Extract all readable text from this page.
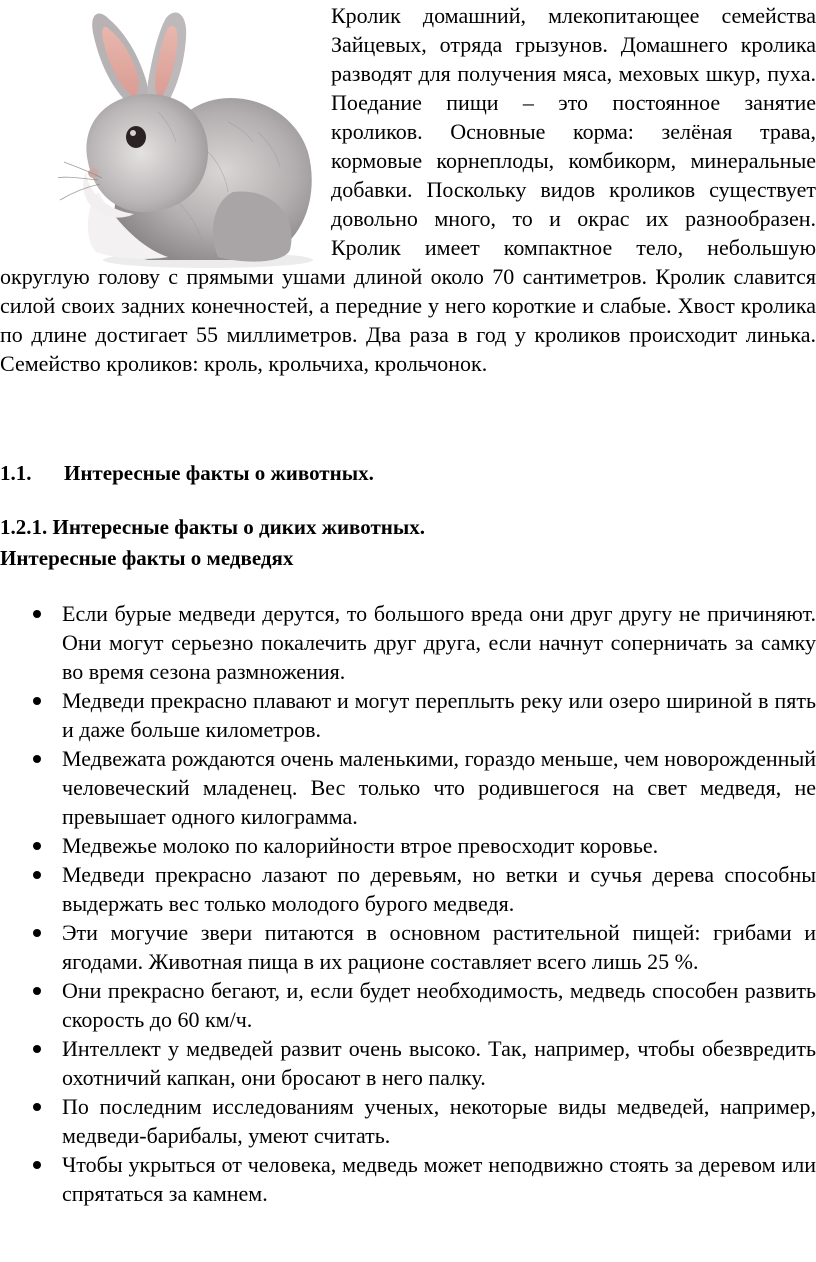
Кролик домашний, млекопитающее семейства Зайцевых, отряда грызунов. Домашнего кролика разводят для получения мяса, меховых шкур, пуха. Поедание пищи – это постоянное занятие кроликов. Основные корма: зелёная трава, кормовые корнеплоды, комбикорм, минеральные добавки. Поскольку видов кроликов существует довольно много, то и окрас их разнообразен. Кролик имеет компактное тело, небольшую округлую голову с прямыми ушами длиной около 70 сантиметров. Кролик славится силой своих задних конечностей, а передние у него короткие и слабые. Хвост кролика по длине достигает 55 миллиметров. Два раза в год у кроликов происходит линька. Семейство кроликов: кроль, крольчиха, крольчонок.

1.1. Интересные факты о животных.

1.2.1. Интересные факты о диких животных.

Интересные факты о медведях

Если бурые медведи дерутся, то большого вреда они друг другу не причиняют. Они могут серьезно покалечить друг друга, если начнут соперничать за самку во время сезона размножения.
Медведи прекрасно плавают и могут переплыть реку или озеро шириной в пять и даже больше километров.
Медвежата рождаются очень маленькими, гораздо меньше, чем новорожденный человеческий младенец. Вес только что родившегося на свет медведя, не превышает одного килограмма.
Медвежье молоко по калорийности втрое превосходит коровье.
Медведи прекрасно лазают по деревьям, но ветки и сучья дерева способны выдержать вес только молодого бурого медведя.
Эти могучие звери питаются в основном растительной пищей: грибами и ягодами. Животная пища в их рационе составляет всего лишь 25 %.
Они прекрасно бегают, и, если будет необходимость, медведь способен развить скорость до 60 км/ч.
Интеллект у медведей развит очень высоко. Так, например, чтобы обезвредить охотничий капкан, они бросают в него палку.
По последним исследованиям ученых, некоторые виды медведей, например, медведи-барибалы, умеют считать.
Чтобы укрыться от человека, медведь может неподвижно стоять за деревом или спрятаться за камнем.
